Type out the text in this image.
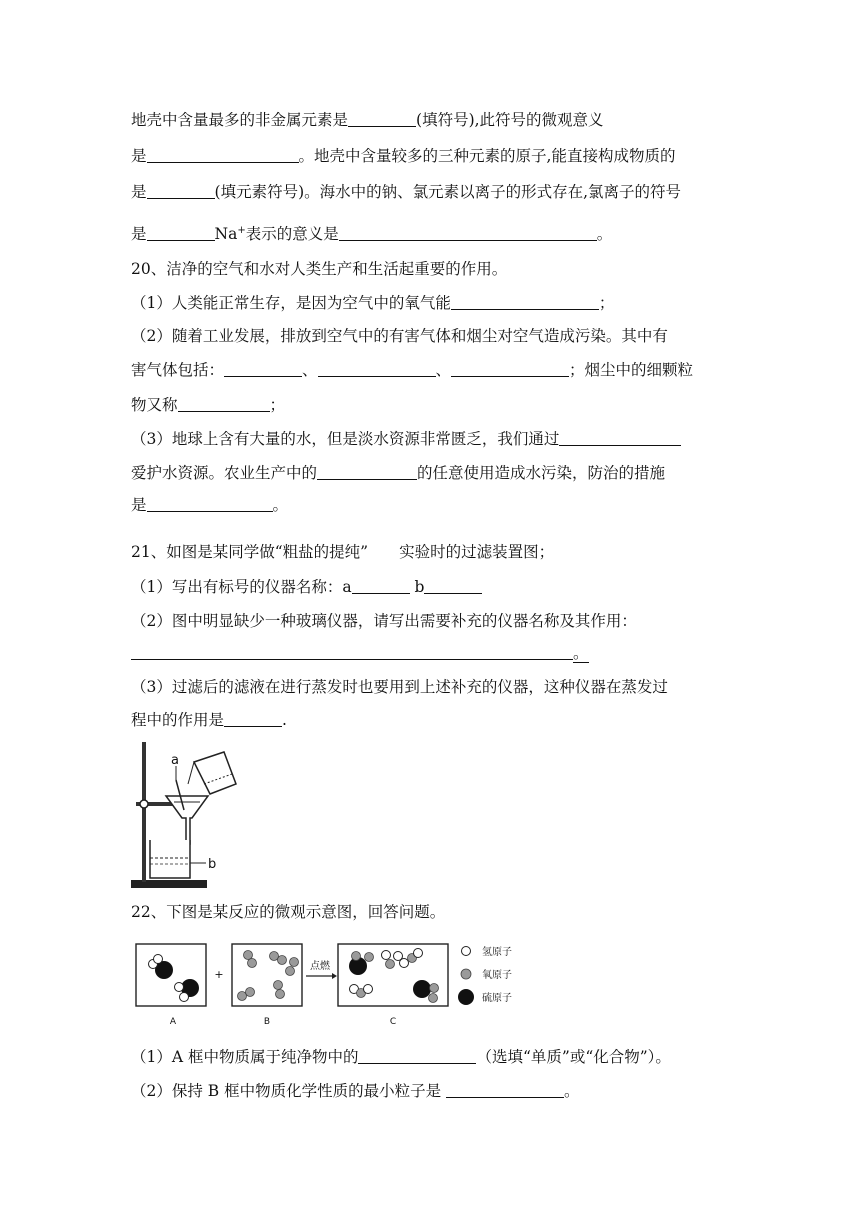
地壳中含量最多的非金属元素是	(填符号),此符号的微观意义
是	。地壳中含量较多的三种元素的原子,能直接构成物质的
是	(填元素符号)。海水中的钠、氯元素以离子的形式存在,氯离子的符号
是	Na+表示的意义是	。
20、洁净的空气和水对人类生产和生活起重要的作用。
（1）人类能正常生存，是因为空气中的氧气能	；
（2）随着工业发展，排放到空气中的有害气体和烟尘对空气造成污染。其中有
害气体包括：	、	、	；烟尘中的细颗粒
物又称	；
（3）地球上含有大量的水，但是淡水资源非常匮乏，我们通过
爱护水资源。农业生产中的	的任意使用造成水污染，防治的措施
是	。
21、如图是某同学做“粗盐的提纯”　　实验时的过滤装置图；
（1）写出有标号的仪器名称：a	b
（2）图中明显缺少一种玻璃仪器，请写出需要补充的仪器名称及其作用：
。
（3）过滤后的滤液在进行蒸发时也要用到上述补充的仪器，这种仪器在蒸发过
程中的作用是	.
a
b
22、下图是某反应的微观示意图，回答问题。
A
+
B
点燃
C
氢原子
氧原子
硫原子
（1）A 框中物质属于纯净物中的	（选填“单质”或“化合物”）。
（2）保持 B 框中物质化学性质的最小粒子是	。
